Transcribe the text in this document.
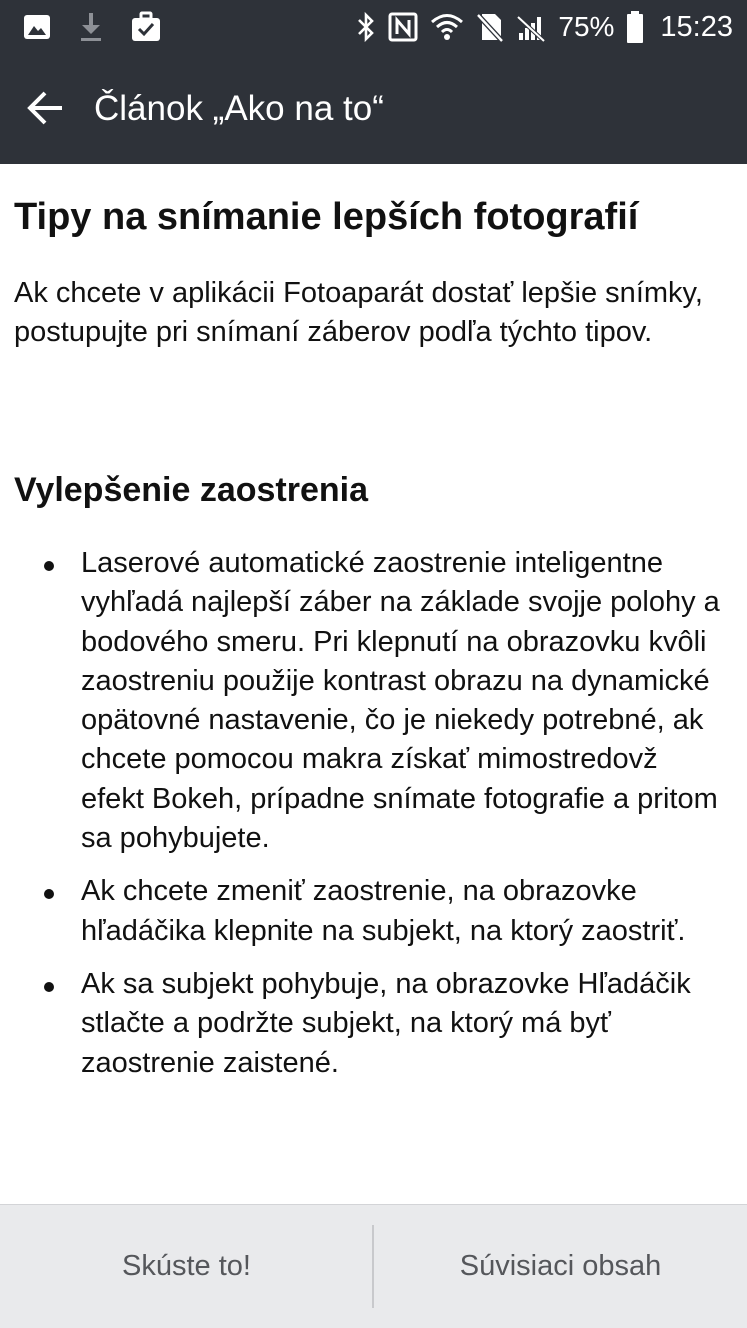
75% 15:23
Článok „Ako na to“
Tipy na snímanie lepších fotografií

Ak chcete v aplikácii Fotoaparát dostať lepšie snímky, postupujte pri snímaní záberov podľa týchto tipov.

Vylepšenie zaostrenia
Laserové automatické zaostrenie inteligentne vyhľadá najlepší záber na základe svojje polohy a bodového smeru. Pri klepnutí na obrazovku kvôli zaostreniu použije kontrast obrazu na dynamické opätovné nastavenie, čo je niekedy potrebné, ak chcete pomocou makra získať mimostredovž efekt Bokeh, prípadne snímate fotografie a pritom sa pohybujete.
Ak chcete zmeniť zaostrenie, na obrazovke hľadáčika klepnite na subjekt, na ktorý zaostriť.
Ak sa subjekt pohybuje, na obrazovke Hľadáčik stlačte a podržte subjekt, na ktorý má byť zaostrenie zaistené.
Skúste to!	Súvisiaci obsah
